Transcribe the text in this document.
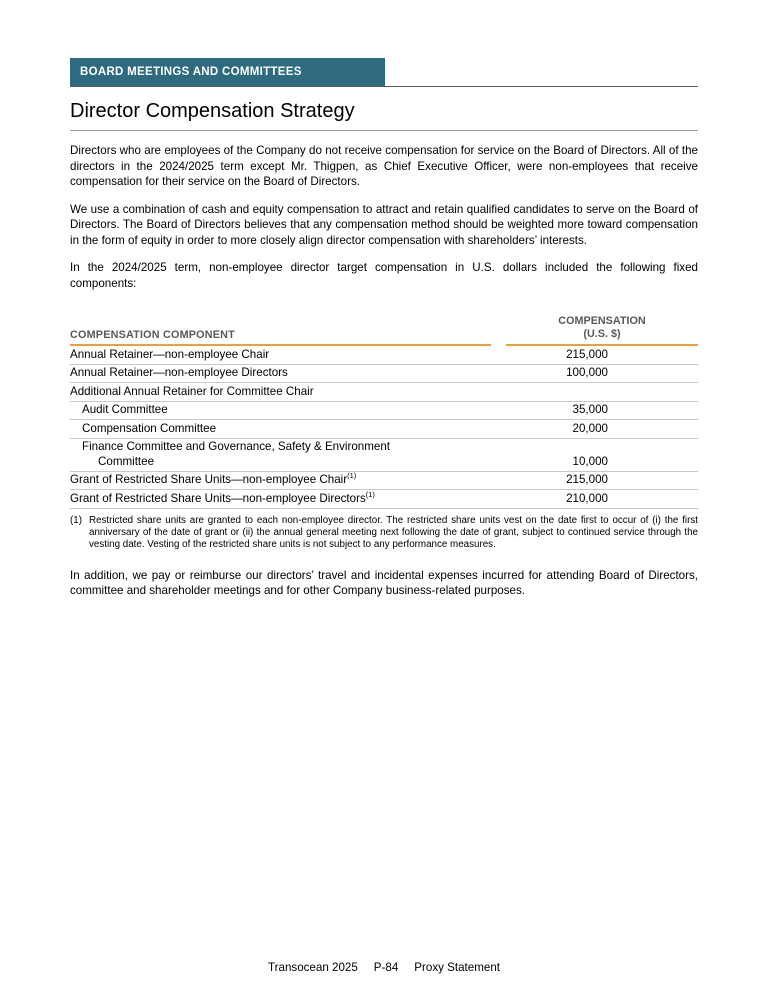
BOARD MEETINGS AND COMMITTEES
Director Compensation Strategy

Directors who are employees of the Company do not receive compensation for service on the Board of Directors. All of the directors in the 2024/2025 term except Mr. Thigpen, as Chief Executive Officer, were non-employees that receive compensation for their service on the Board of Directors.

We use a combination of cash and equity compensation to attract and retain qualified candidates to serve on the Board of Directors. The Board of Directors believes that any compensation method should be weighted more toward compensation in the form of equity in order to more closely align director compensation with shareholders’ interests.

In the 2024/2025 term, non-employee director target compensation in U.S. dollars included the following fixed components:

COMPENSATION COMPONENT
COMPENSATION
(U.S. $)
Annual Retainer—non-employee Chair	215,000
Annual Retainer—non-employee Directors	100,000
Additional Annual Retainer for Committee Chair
Audit Committee	35,000
Compensation Committee	20,000
Finance Committee and Governance, Safety & Environment
Committee	10,000
Grant of Restricted Share Units—non-employee Chair$^{(1)}$	215,000
Grant of Restricted Share Units—non-employee Directors$^{(1)}$	210,000
(1) Restricted share units are granted to each non-employee director. The restricted share units vest on the date first to occur of (i) the first anniversary of the date of grant or (ii) the annual general meeting next following the date of grant, subject to continued service through the vesting date. Vesting of the restricted share units is not subject to any performance measures.

In addition, we pay or reimburse our directors’ travel and incidental expenses incurred for attending Board of Directors, committee and shareholder meetings and for other Company business-related purposes.

Transocean 2025 P-84 Proxy Statement
